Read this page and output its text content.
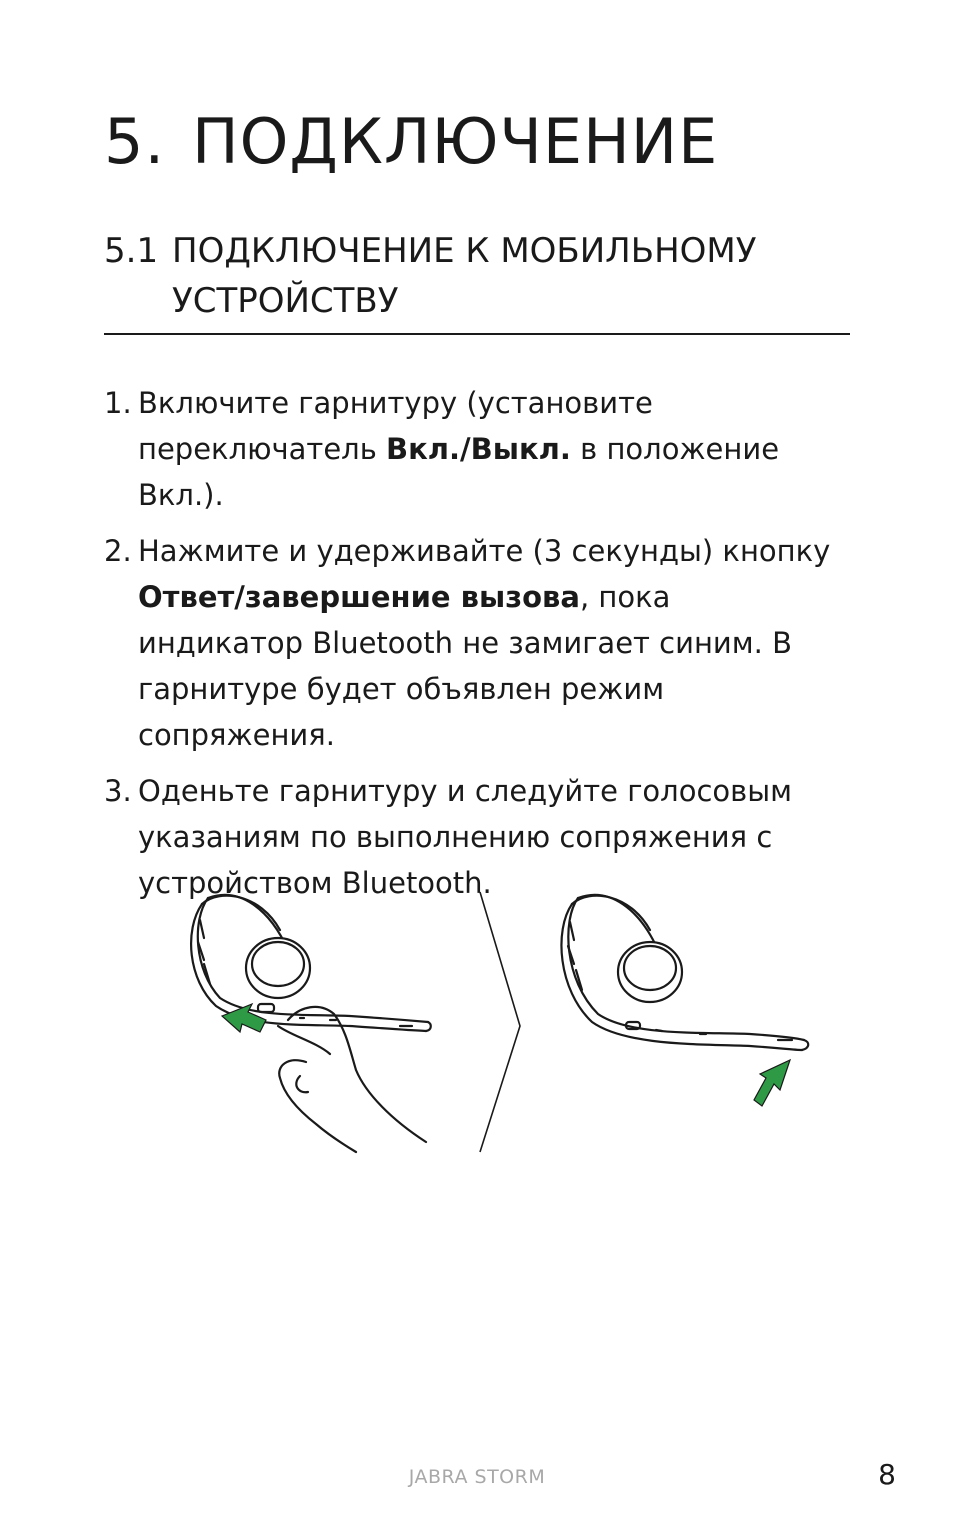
5. ПОДКЛЮЧЕНИЕ
5.1 ПОДКЛЮЧЕНИЕ К МОБИЛЬНОМУ УСТРОЙСТВУ
1. Включите гарнитуру (установите переключатель Вкл./Выкл. в положение Вкл.).
2. Нажмите и удерживайте (3 секунды) кнопку Ответ/завершение вызова, пока индикатор Bluetooth не замигает синим. В гарнитуре будет объявлен режим сопряжения.
3. Оденьте гарнитуру и следуйте голосовым указаниям по выполнению сопряжения с устройством Bluetooth.
JABRA STORM	8
